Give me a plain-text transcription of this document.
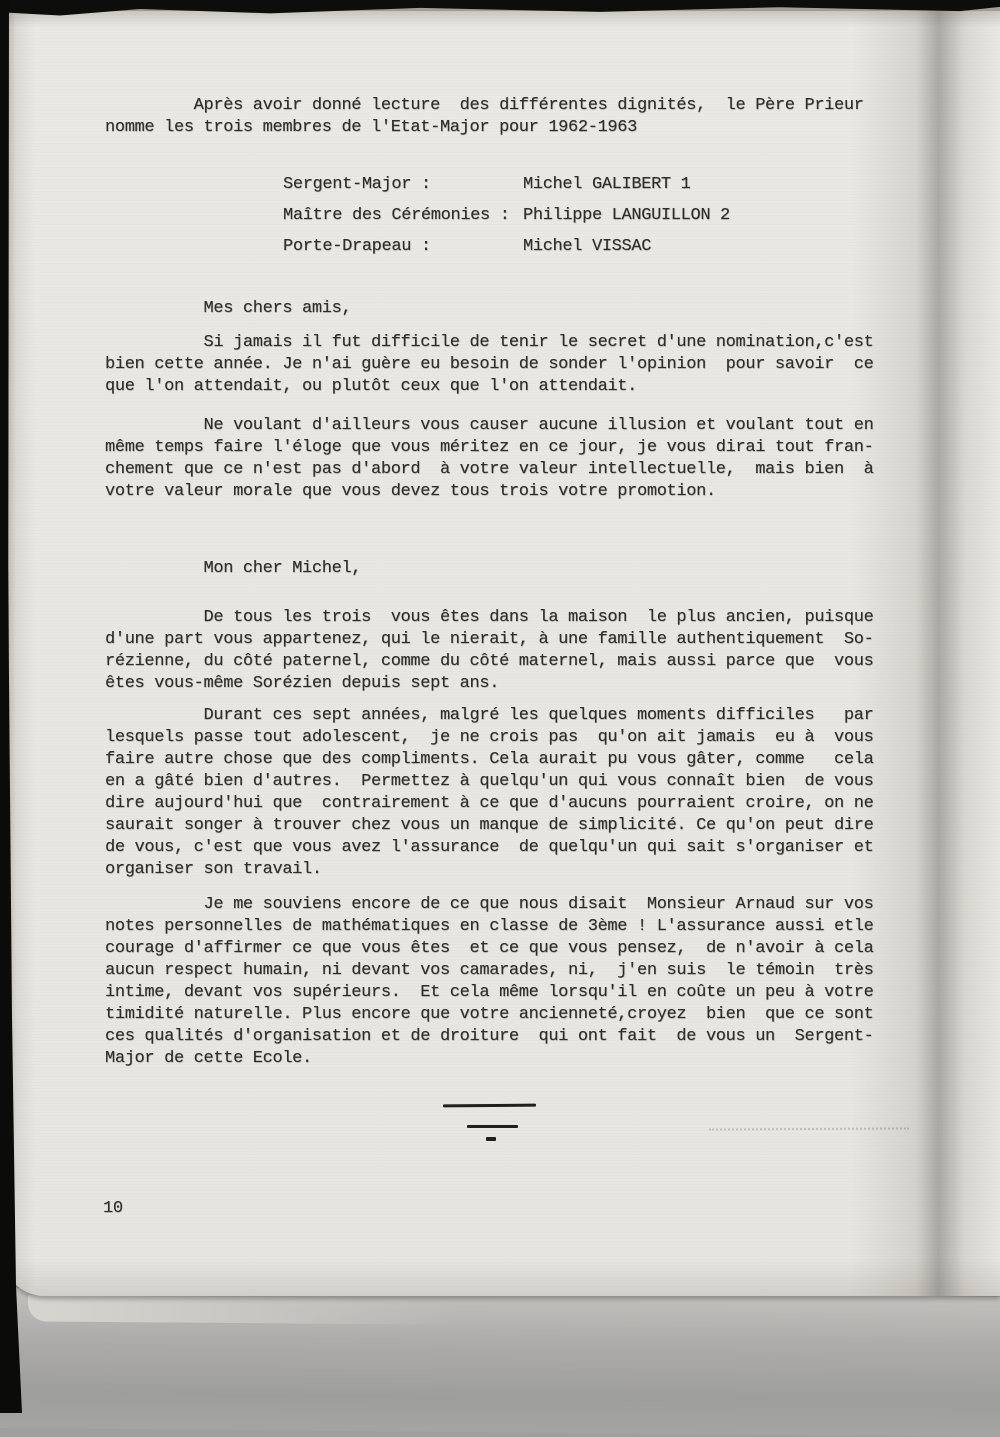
Après avoir donné lecture  des différentes dignités,  le Père Prieur
nomme les trois membres de l'Etat-Major pour 1962-1963
Sergent-Major :	Michel GALIBERT 1
Maître des Cérémonies : Philippe LANGUILLON 2
Porte-Drapeau :	Michel VISSAC
Mes chers amis,
Si jamais il fut difficile de tenir le secret d'une nomination,c'est
bien cette année. Je n'ai guère eu besoin de sonder l'opinion  pour savoir  ce
que l'on attendait, ou plutôt ceux que l'on attendait.
Ne voulant d'ailleurs vous causer aucune illusion et voulant tout en
même temps faire l'éloge que vous méritez en ce jour, je vous dirai tout fran-
chement que ce n'est pas d'abord  à votre valeur intellectuelle,  mais bien  à
votre valeur morale que vous devez tous trois votre promotion.
Mon cher Michel,
De tous les trois  vous êtes dans la maison  le plus ancien, puisque
d'une part vous appartenez, qui le nierait, à une famille authentiquement  So-
rézienne, du côté paternel, comme du côté maternel, mais aussi parce que  vous
êtes vous-même Sorézien depuis sept ans.
Durant ces sept années, malgré les quelques moments difficiles   par
lesquels passe tout adolescent,  je ne crois pas  qu'on ait jamais  eu à  vous
faire autre chose que des compliments. Cela aurait pu vous gâter, comme   cela
en a gâté bien d'autres.  Permettez à quelqu'un qui vous connaît bien  de vous
dire aujourd'hui que  contrairement à ce que d'aucuns pourraient croire, on ne
saurait songer à trouver chez vous un manque de simplicité. Ce qu'on peut dire
de vous, c'est que vous avez l'assurance  de quelqu'un qui sait s'organiser et
organiser son travail.
Je me souviens encore de ce que nous disait  Monsieur Arnaud sur vos
notes personnelles de mathématiques en classe de 3ème ! L'assurance aussi etle
courage d'affirmer ce que vous êtes  et ce que vous pensez,  de n'avoir à cela
aucun respect humain, ni devant vos camarades, ni,  j'en suis  le témoin  très
intime, devant vos supérieurs.  Et cela même lorsqu'il en coûte un peu à votre
timidité naturelle. Plus encore que votre ancienneté,croyez  bien  que ce sont
ces qualités d'organisation et de droiture  qui ont fait  de vous un  Sergent-
Major de cette Ecole.
10
